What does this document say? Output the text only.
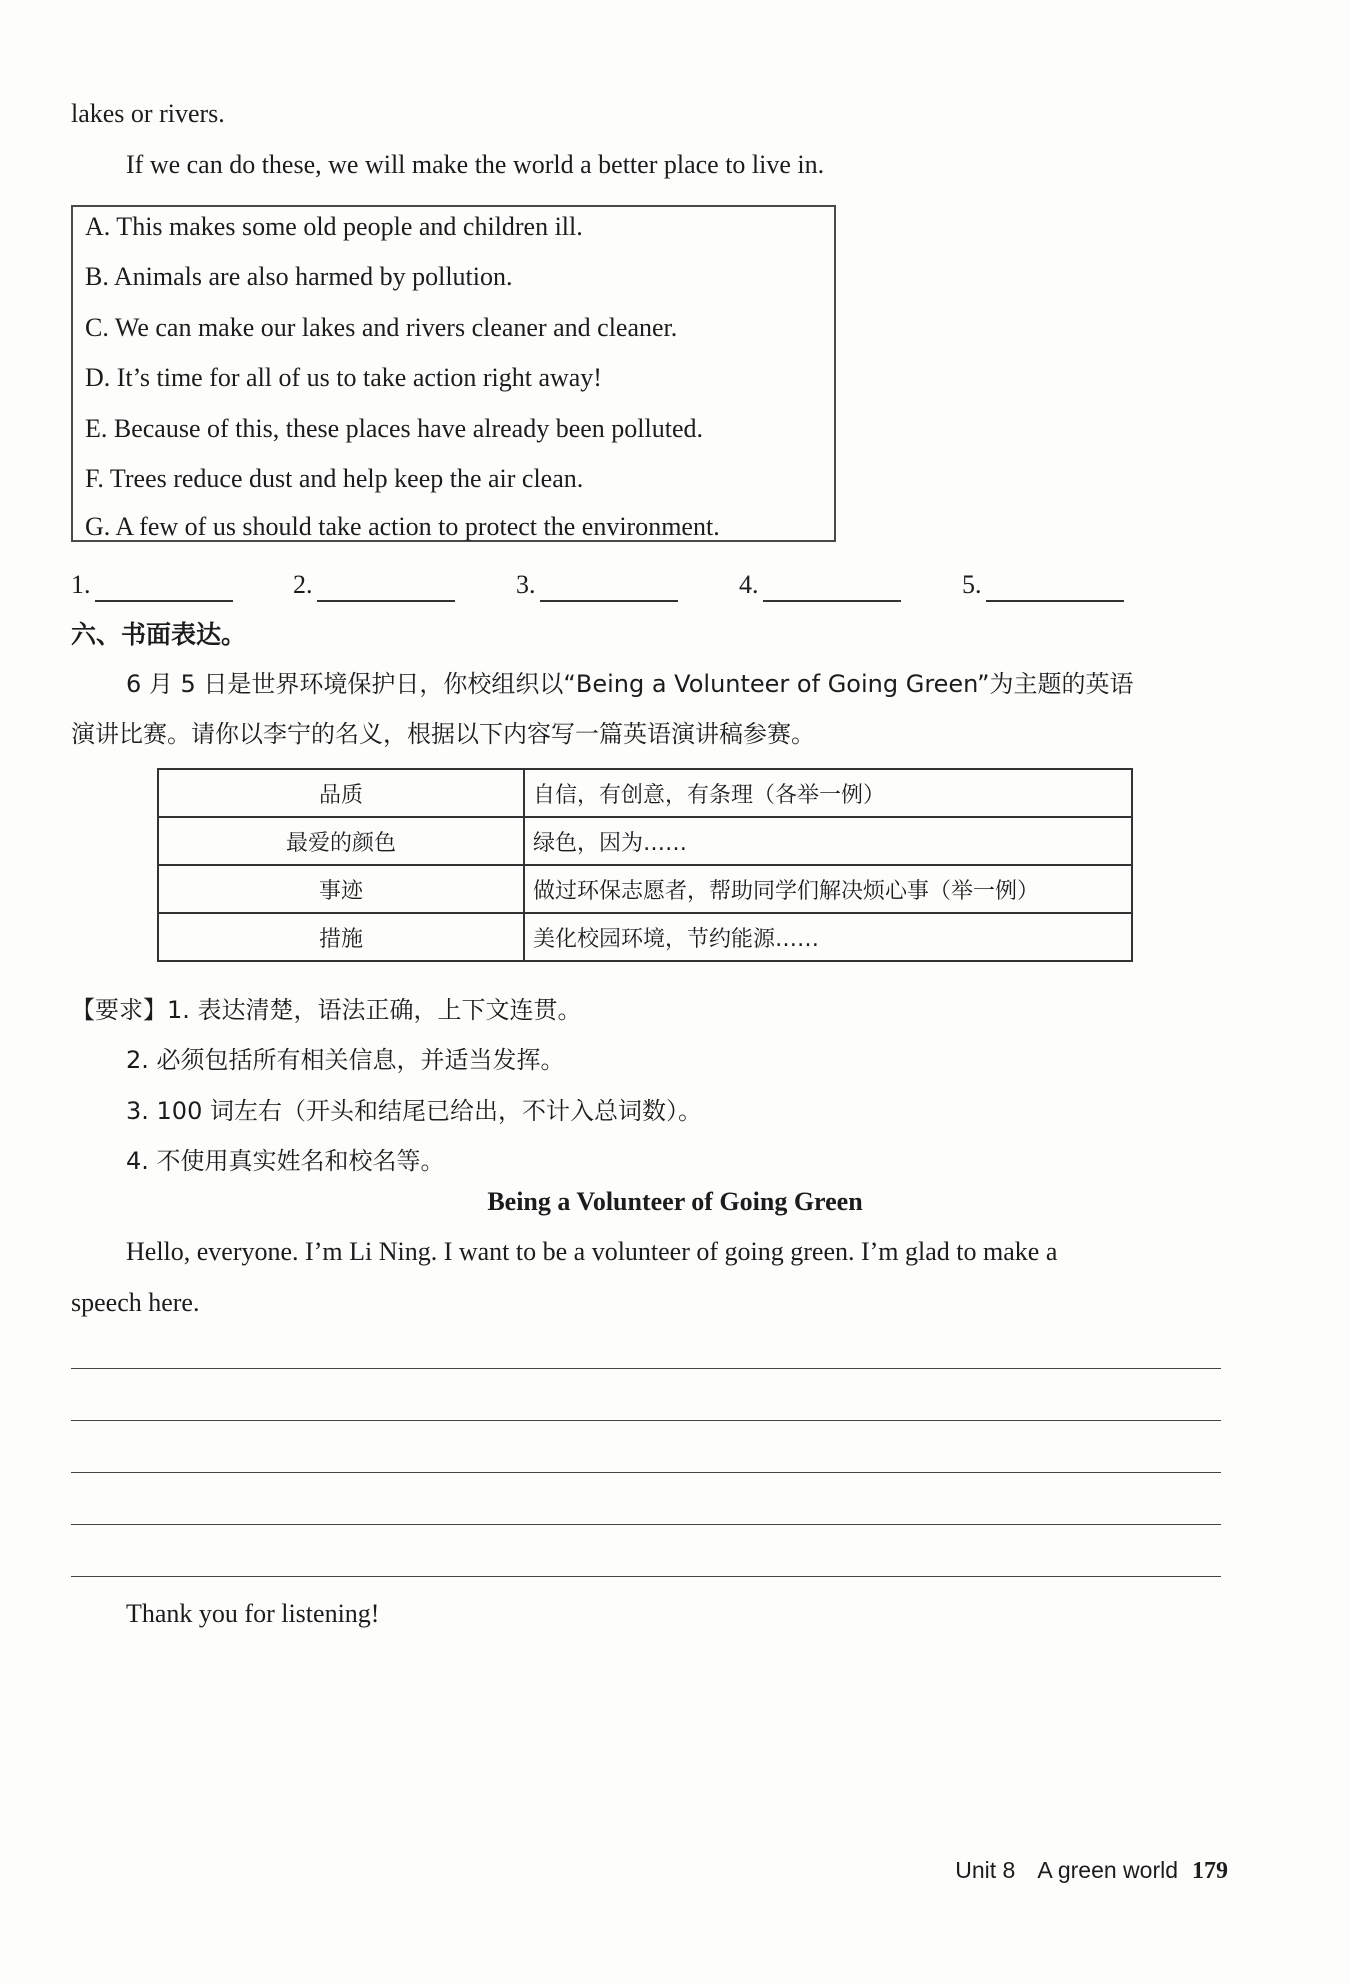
lakes or rivers.
If we can do these, we will make the world a better place to live in.
A. This makes some old people and children ill.
B. Animals are also harmed by pollution.
C. We can make our lakes and rivers cleaner and cleaner.
D. It’s time for all of us to take action right away!
E. Because of this, these places have already been polluted.
F. Trees reduce dust and help keep the air clean.
G. A few of us should take action to protect the environment.
1.	2.	3.	4.	5.
六、书面表达。
6 月 5 日是世界环境保护日，你校组织以“Being a Volunteer of Going Green”为主题的英语
演讲比赛。请你以李宁的名义，根据以下内容写一篇英语演讲稿参赛。
品质	自信，有创意，有条理（各举一例）
最爱的颜色	绿色，因为……
事迹	做过环保志愿者，帮助同学们解决烦心事（举一例）
措施	美化校园环境，节约能源……
【要求】1. 表达清楚，语法正确，上下文连贯。
2. 必须包括所有相关信息，并适当发挥。
3. 100 词左右（开头和结尾已给出，不计入总词数）。
4. 不使用真实姓名和校名等。
Being a Volunteer of Going Green
Hello, everyone. I’m Li Ning. I want to be a volunteer of going green. I’m glad to make a
speech here.
Thank you for listening!
Unit 8 A green world 179
